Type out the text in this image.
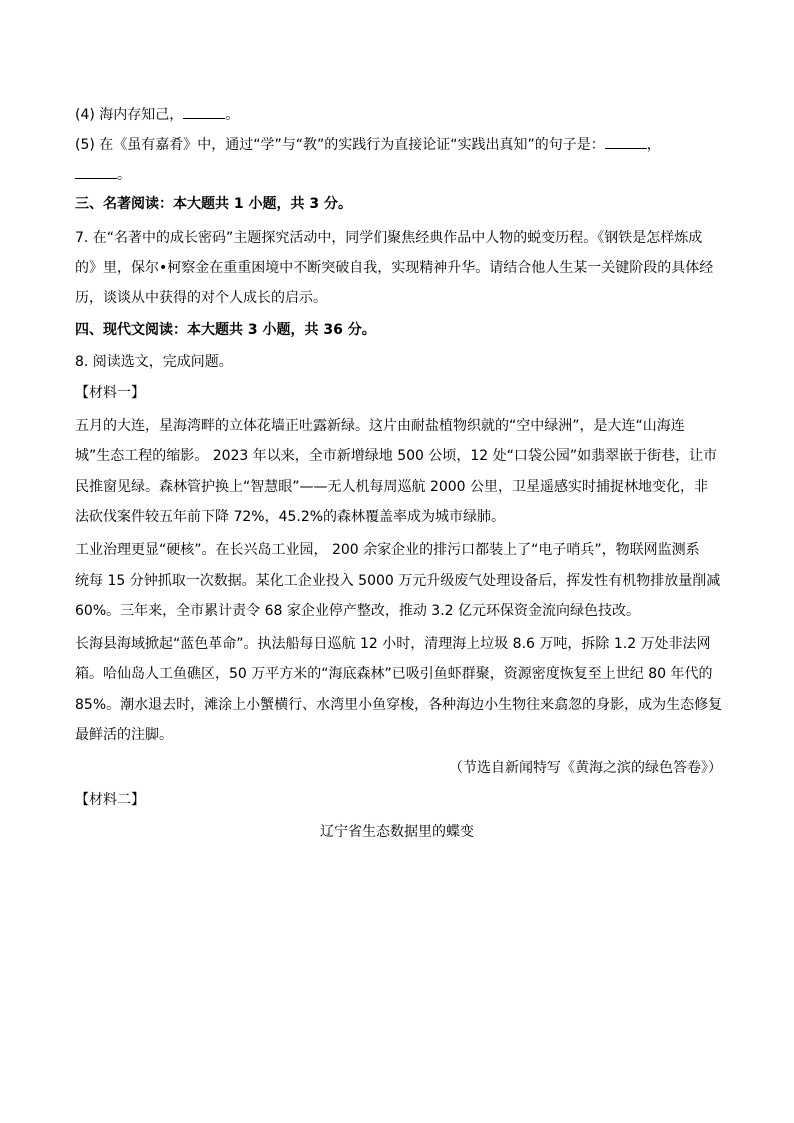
(4) 海内存知己，	。
(5) 在《虽有嘉肴》中，通过“学”与“教”的实践行为直接论证“实践出真知”的句子是：	，
。
三、名著阅读：本大题共 1 小题，共 3 分。
7. 在“名著中的成长密码”主题探究活动中，同学们聚焦经典作品中人物的蜕变历程。《钢铁是怎样炼成
的》里，保尔•柯察金在重重困境中不断突破自我，实现精神升华。请结合他人生某一关键阶段的具体经
历，谈谈从中获得的对个人成长的启示。
四、现代文阅读：本大题共 3 小题，共 36 分。
8. 阅读选文，完成问题。
【材料一】
五月的大连，星海湾畔的立体花墙正吐露新绿。这片由耐盐植物织就的“空中绿洲”，是大连“山海连
城”生态工程的缩影。 2023 年以来，全市新增绿地 500 公顷，12 处“口袋公园”如翡翠嵌于街巷，让市
民推窗见绿。森林管护换上“智慧眼”——无人机每周巡航 2000 公里，卫星遥感实时捕捉林地变化，非
法砍伐案件较五年前下降 72%，45.2%的森林覆盖率成为城市绿肺。
工业治理更显“硬核”。在长兴岛工业园， 200 余家企业的排污口都装上了“电子哨兵”，物联网监测系
统每 15 分钟抓取一次数据。某化工企业投入 5000 万元升级废气处理设备后，挥发性有机物排放量削减
60%。三年来，全市累计责令 68 家企业停产整改，推动 3.2 亿元环保资金流向绿色技改。
长海县海域掀起“蓝色革命”。执法船每日巡航 12 小时，清理海上垃圾 8.6 万吨，拆除 1.2 万处非法网
箱。哈仙岛人工鱼礁区，50 万平方米的“海底森林”已吸引鱼虾群聚，资源密度恢复至上世纪 80 年代的
85%。潮水退去时，滩涂上小蟹横行、水湾里小鱼穿梭，各种海边小生物往来翕忽的身影，成为生态修复
最鲜活的注脚。
（节选自新闻特写《黄海之滨的绿色答卷》）
【材料二】
辽宁省生态数据里的蝶变
